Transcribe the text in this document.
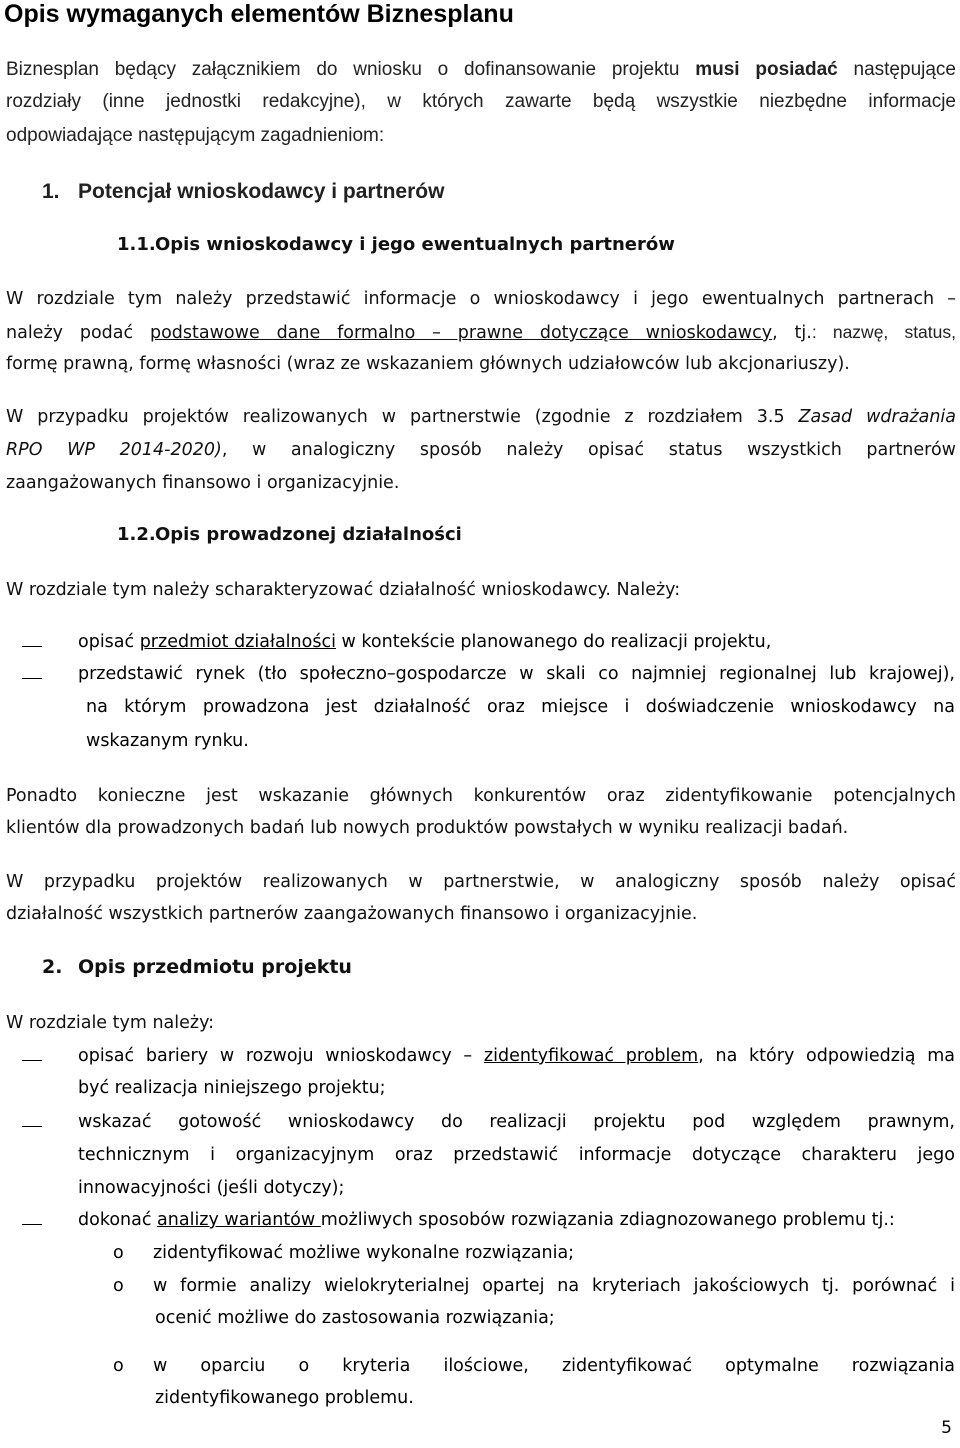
Opis wymaganych elementów Biznesplanu
Biznesplan będący załącznikiem do wniosku o dofinansowanie projektu musi posiadać następujące
rozdziały (inne jednostki redakcyjne), w których zawarte będą wszystkie niezbędne informacje
odpowiadające następującym zagadnieniom:
1. Potencjał wnioskodawcy i partnerów
1.1. Opis wnioskodawcy i jego ewentualnych partnerów
W rozdziale tym należy przedstawić informacje o wnioskodawcy i jego ewentualnych partnerach –
należy podać podstawowe dane formalno – prawne dotyczące wnioskodawcy, tj.: nazwę, status,
formę prawną, formę własności (wraz ze wskazaniem głównych udziałowców lub akcjonariuszy).
W przypadku projektów realizowanych w partnerstwie (zgodnie z rozdziałem 3.5 Zasad wdrażania
RPO WP 2014-2020), w analogiczny sposób należy opisać status wszystkich partnerów
zaangażowanych finansowo i organizacyjnie.
1.2. Opis prowadzonej działalności
W rozdziale tym należy scharakteryzować działalność wnioskodawcy. Należy:
opisać przedmiot działalności w kontekście planowanego do realizacji projektu,
przedstawić rynek (tło społeczno–gospodarcze w skali co najmniej regionalnej lub krajowej),
na którym prowadzona jest działalność oraz miejsce i doświadczenie wnioskodawcy na
wskazanym rynku.
Ponadto konieczne jest wskazanie głównych konkurentów oraz zidentyfikowanie potencjalnych
klientów dla prowadzonych badań lub nowych produktów powstałych w wyniku realizacji badań.
W przypadku projektów realizowanych w partnerstwie, w analogiczny sposób należy opisać
działalność wszystkich partnerów zaangażowanych finansowo i organizacyjnie.
2. Opis przedmiotu projektu
W rozdziale tym należy:
opisać bariery w rozwoju wnioskodawcy – zidentyfikować problem, na który odpowiedzią ma
być realizacja niniejszego projektu;
wskazać gotowość wnioskodawcy do realizacji projektu pod względem prawnym,
technicznym i organizacyjnym oraz przedstawić informacje dotyczące charakteru jego
innowacyjności (jeśli dotyczy);
dokonać analizy wariantów możliwych sposobów rozwiązania zdiagnozowanego problemu tj.:
o zidentyfikować możliwe wykonalne rozwiązania;
o w formie analizy wielokryterialnej opartej na kryteriach jakościowych tj. porównać i
ocenić możliwe do zastosowania rozwiązania;
o w oparciu o kryteria ilościowe, zidentyfikować optymalne rozwiązania
zidentyfikowanego problemu.
5
